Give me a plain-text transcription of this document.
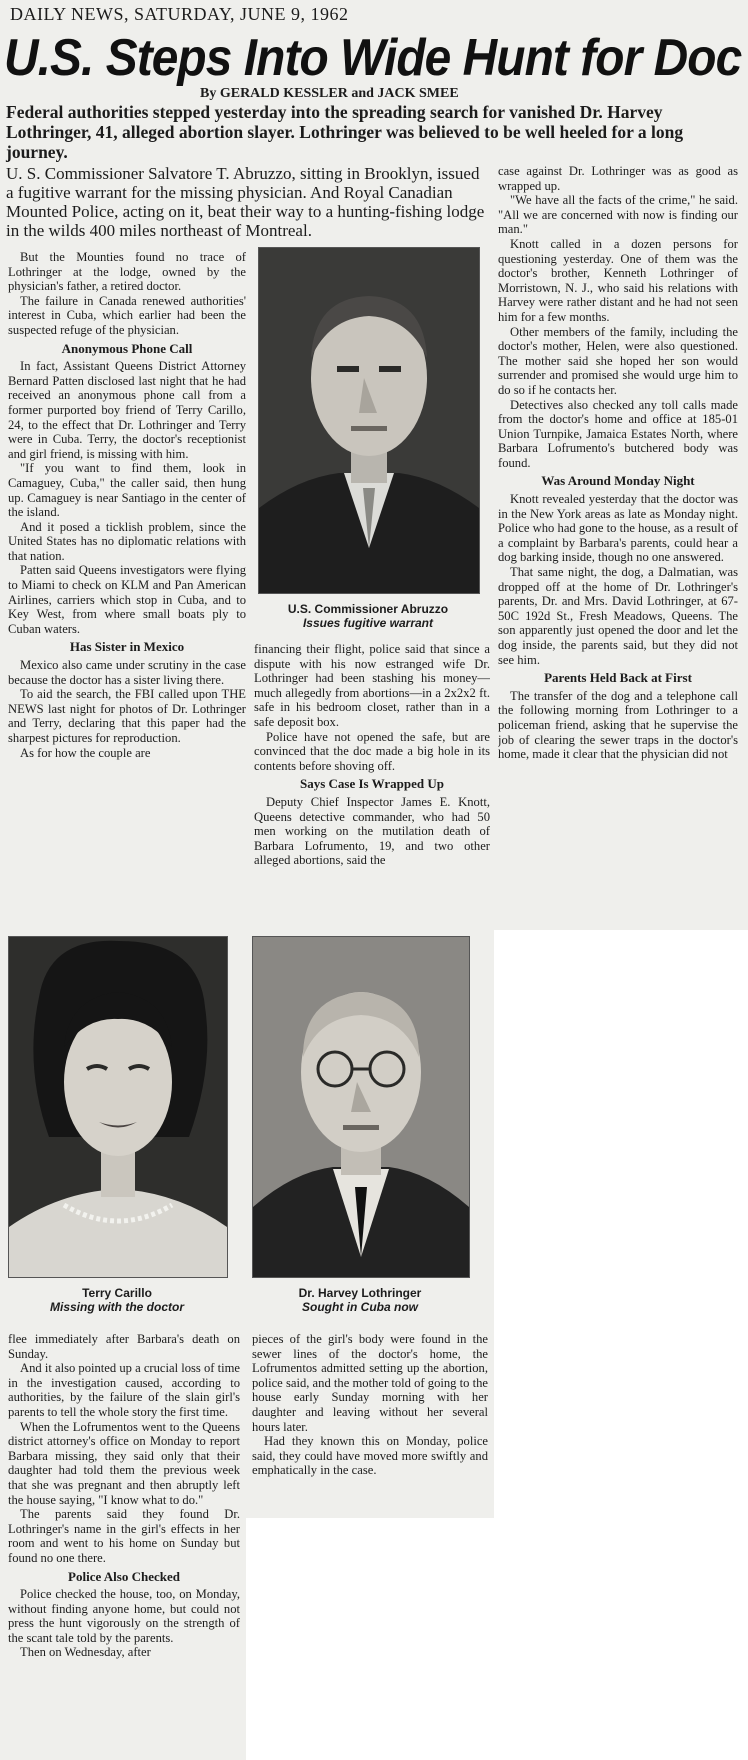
DAILY NEWS, SATURDAY, JUNE 9, 1962
U.S. Steps Into Wide Hunt for Doc
By GERALD KESSLER and JACK SMEE
Federal authorities stepped yesterday into the spreading search for vanished Dr. Harvey Lothringer, 41, alleged abortion slayer. Lothringer was believed to be well heeled for a long journey.
U. S. Commissioner Salvatore T. Abruzzo, sitting in Brooklyn, issued a fugitive warrant for the missing physician. And Royal Canadian Mounted Police, acting on it, beat their way to a hunting-fishing lodge in the wilds 400 miles northeast of Montreal.

But the Mounties found no trace of Lothringer at the lodge, owned by the physician's father, a retired doctor.

The failure in Canada renewed authorities' interest in Cuba, which earlier had been the suspected refuge of the physician.

Anonymous Phone Call

In fact, Assistant Queens District Attorney Bernard Patten disclosed last night that he had received an anonymous phone call from a former purported boy friend of Terry Carillo, 24, to the effect that Dr. Lothringer and Terry were in Cuba. Terry, the doctor's receptionist and girl friend, is missing with him.

"If you want to find them, look in Camaguey, Cuba," the caller said, then hung up. Camaguey is near Santiago in the center of the island.

And it posed a ticklish problem, since the United States has no diplomatic relations with that nation.

Patten said Queens investigators were flying to Miami to check on KLM and Pan American Airlines, carriers which stop in Cuba, and to Key West, from where small boats ply to Cuban waters.

Has Sister in Mexico

Mexico also came under scrutiny in the case because the doctor has a sister living there.

To aid the search, the FBI called upon THE NEWS last night for photos of Dr. Lothringer and Terry, declaring that this paper had the sharpest pictures for reproduction.

As for how the couple are

U.S. Commissioner Abruzzo
Issues fugitive warrant

financing their flight, police said that since a dispute with his now estranged wife Dr. Lothringer had been stashing his money—much allegedly from abortions—in a 2x2x2 ft. safe in his bedroom closet, rather than in a safe deposit box.

Police have not opened the safe, but are convinced that the doc made a big hole in its contents before shoving off.

Says Case Is Wrapped Up

Deputy Chief Inspector James E. Knott, Queens detective commander, who had 50 men working on the mutilation death of Barbara Lofrumento, 19, and two other alleged abortions, said the

case against Dr. Lothringer was as good as wrapped up.

"We have all the facts of the crime," he said. "All we are concerned with now is finding our man."

Knott called in a dozen persons for questioning yesterday. One of them was the doctor's brother, Kenneth Lothringer of Morristown, N. J., who said his relations with Harvey were rather distant and he had not seen him for a few months.

Other members of the family, including the doctor's mother, Helen, were also questioned. The mother said she hoped her son would surrender and promised she would urge him to do so if he contacts her.

Detectives also checked any toll calls made from the doctor's home and office at 185-01 Union Turnpike, Jamaica Estates North, where Barbara Lofrumento's butchered body was found.

Was Around Monday Night

Knott revealed yesterday that the doctor was in the New York areas as late as Monday night. Police who had gone to the house, as a result of a complaint by Barbara's parents, could hear a dog barking inside, though no one answered.

That same night, the dog, a Dalmatian, was dropped off at the home of Dr. Lothringer's parents, Dr. and Mrs. David Lothringer, at 67-50C 192d St., Fresh Meadows, Queens. The son apparently just opened the door and let the dog inside, the parents said, but they did not see him.

Parents Held Back at First

The transfer of the dog and a telephone call the following morning from Lothringer to a policeman friend, asking that he supervise the job of clearing the sewer traps in the doctor's home, made it clear that the physician did not

Terry Carillo
Missing with the doctor
Dr. Harvey Lothringer
Sought in Cuba now

flee immediately after Barbara's death on Sunday.

And it also pointed up a crucial loss of time in the investigation caused, according to authorities, by the failure of the slain girl's parents to tell the whole story the first time.

When the Lofrumentos went to the Queens district attorney's office on Monday to report Barbara missing, they said only that their daughter had told them the previous week that she was pregnant and then abruptly left the house saying, "I know what to do."

The parents said they found Dr. Lothringer's name in the girl's effects in her room and went to his home on Sunday but found no one there.

Police Also Checked

Police checked the house, too, on Monday, without finding anyone home, but could not press the hunt vigorously on the strength of the scant tale told by the parents.

Then on Wednesday, after

pieces of the girl's body were found in the sewer lines of the doctor's home, the Lofrumentos admitted setting up the abortion, police said, and the mother told of going to the house early Sunday morning with her daughter and leaving without her several hours later.

Had they known this on Monday, police said, they could have moved more swiftly and emphatically in the case.
